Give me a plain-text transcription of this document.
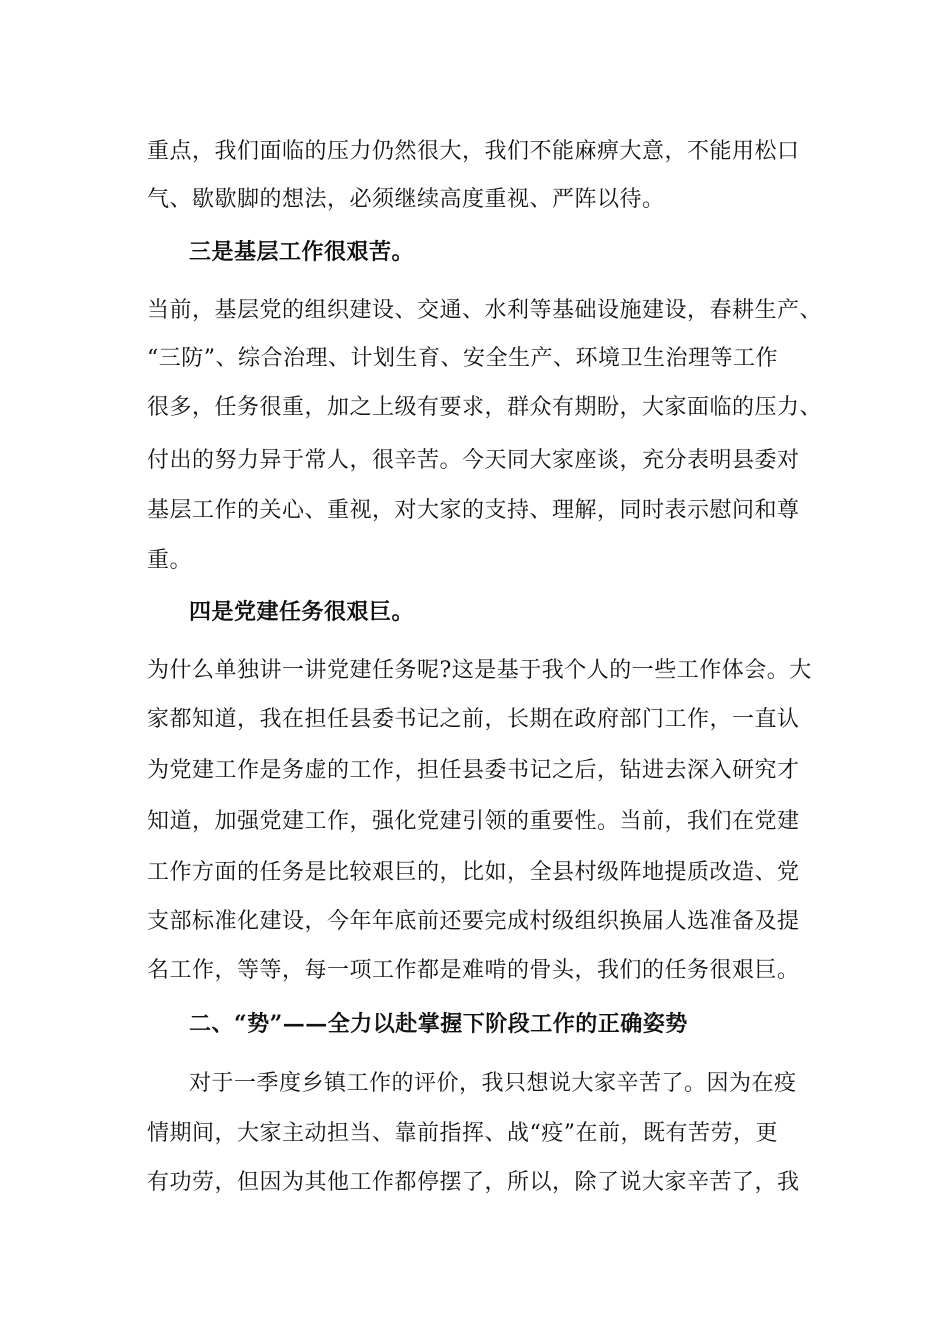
重点，我们面临的压力仍然很大，我们不能麻痹大意，不能用松口
气、歇歇脚的想法，必须继续高度重视、严阵以待。
三是基层工作很艰苦。
当前，基层党的组织建设、交通、水利等基础设施建设，春耕生产、
“三防”、综合治理、计划生育、安全生产、环境卫生治理等工作
很多，任务很重，加之上级有要求，群众有期盼，大家面临的压力、
付出的努力异于常人，很辛苦。今天同大家座谈，充分表明县委对
基层工作的关心、重视，对大家的支持、理解，同时表示慰问和尊
重。
四是党建任务很艰巨。
为什么单独讲一讲党建任务呢?这是基于我个人的一些工作体会。大
家都知道，我在担任县委书记之前，长期在政府部门工作，一直认
为党建工作是务虚的工作，担任县委书记之后，钻进去深入研究才
知道，加强党建工作，强化党建引领的重要性。当前，我们在党建
工作方面的任务是比较艰巨的，比如，全县村级阵地提质改造、党
支部标准化建设，今年年底前还要完成村级组织换届人选准备及提
名工作，等等，每一项工作都是难啃的骨头，我们的任务很艰巨。
二、“势”——全力以赴掌握下阶段工作的正确姿势
对于一季度乡镇工作的评价，我只想说大家辛苦了。因为在疫
情期间，大家主动担当、靠前指挥、战“疫”在前，既有苦劳，更
有功劳，但因为其他工作都停摆了，所以，除了说大家辛苦了，我
